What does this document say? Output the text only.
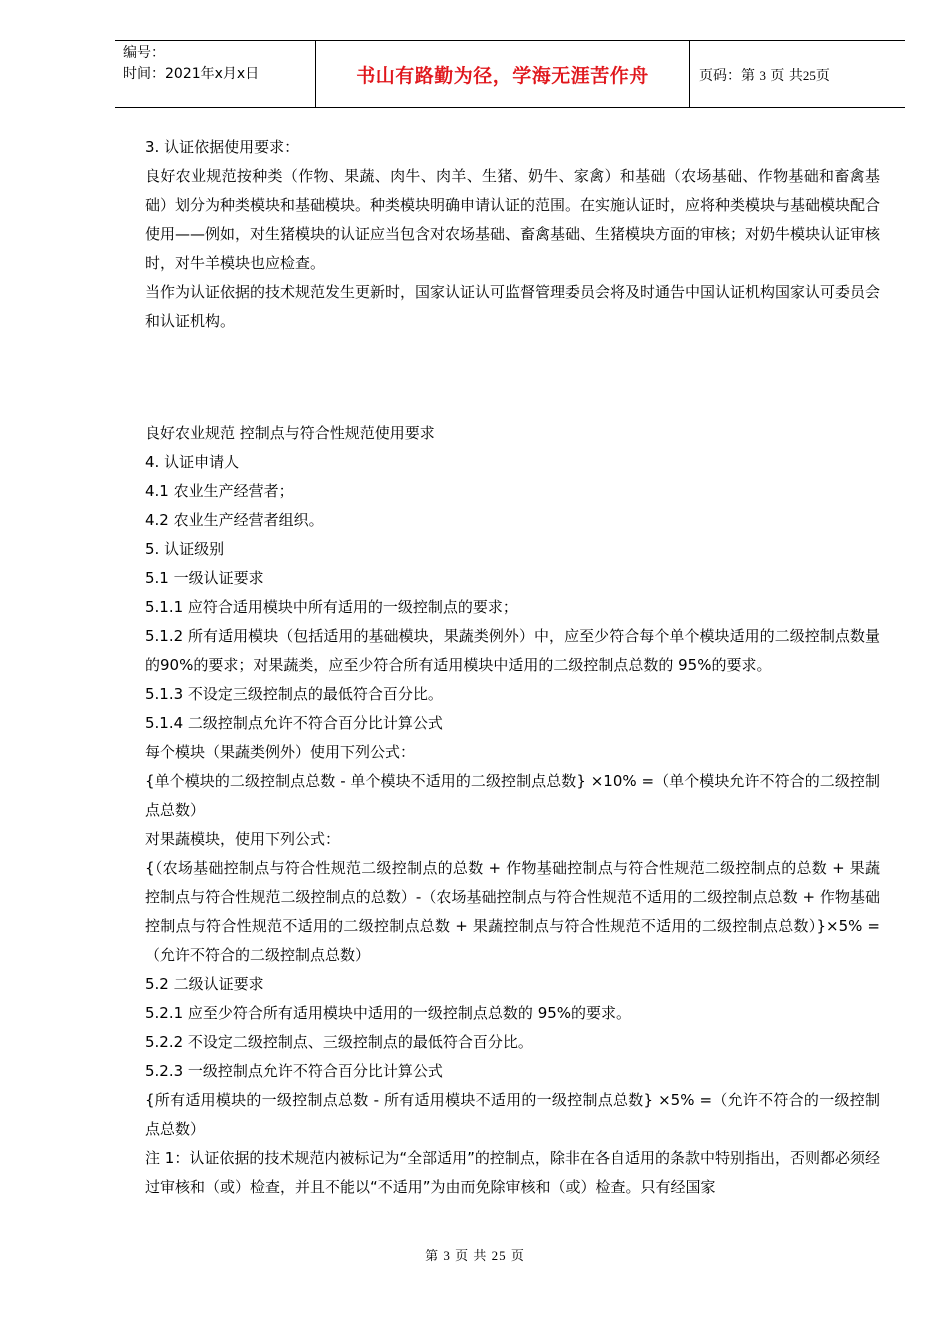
编号：
时间：2021年x月x日	书山有路勤为径，学海无涯苦作舟	页码：第 3 页 共25页

3. 认证依据使用要求：

良好农业规范按种类（作物、果蔬、肉牛、肉羊、生猪、奶牛、家禽）和基础（农场基础、作物基础和畜禽基础）划分为种类模块和基础模块。种类模块明确申请认证的范围。在实施认证时，应将种类模块与基础模块配合使用——例如，对生猪模块的认证应当包含对农场基础、畜禽基础、生猪模块方面的审核；对奶牛模块认证审核时，对牛羊模块也应检查。

当作为认证依据的技术规范发生更新时，国家认证认可监督管理委员会将及时通告中国认证机构国家认可委员会和认证机构。

良好农业规范 控制点与符合性规范使用要求

4. 认证申请人

4.1 农业生产经营者；

4.2 农业生产经营者组织。

5. 认证级别

5.1 一级认证要求

5.1.1 应符合适用模块中所有适用的一级控制点的要求；

5.1.2 所有适用模块（包括适用的基础模块，果蔬类例外）中，应至少符合每个单个模块适用的二级控制点数量的90%的要求；对果蔬类，应至少符合所有适用模块中适用的二级控制点总数的 95%的要求。

5.1.3 不设定三级控制点的最低符合百分比。

5.1.4 二级控制点允许不符合百分比计算公式

每个模块（果蔬类例外）使用下列公式：

{单个模块的二级控制点总数 - 单个模块不适用的二级控制点总数} ×10% =（单个模块允许不符合的二级控制点总数）

对果蔬模块，使用下列公式：

{（农场基础控制点与符合性规范二级控制点的总数 + 作物基础控制点与符合性规范二级控制点的总数 + 果蔬控制点与符合性规范二级控制点的总数）-（农场基础控制点与符合性规范不适用的二级控制点总数 + 作物基础控制点与符合性规范不适用的二级控制点总数 + 果蔬控制点与符合性规范不适用的二级控制点总数）}×5% =（允许不符合的二级控制点总数）

5.2 二级认证要求

5.2.1 应至少符合所有适用模块中适用的一级控制点总数的 95%的要求。

5.2.2 不设定二级控制点、三级控制点的最低符合百分比。

5.2.3 一级控制点允许不符合百分比计算公式

{所有适用模块的一级控制点总数 - 所有适用模块不适用的一级控制点总数} ×5% =（允许不符合的一级控制点总数）

注 1：认证依据的技术规范内被标记为“全部适用”的控制点，除非在各自适用的条款中特别指出，否则都必须经过审核和（或）检查，并且不能以“不适用”为由而免除审核和（或）检查。只有经国家

第 3 页 共 25 页
